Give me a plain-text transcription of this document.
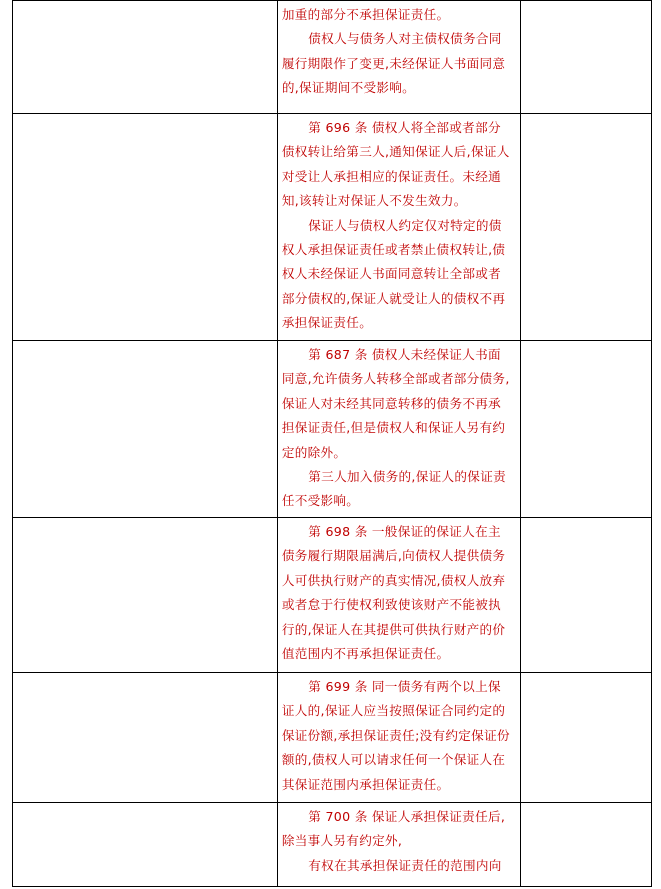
	加重的部分不承担保证责任。

债权人与债务人对主债权债务合同履行期限作了变更,未经保证人书面同意的,保证期间不受影响。	

	第 696 条 债权人将全部或者部分债权转让给第三人,通知保证人后,保证人对受让人承担相应的保证责任。未经通知,该转让对保证人不发生效力。

保证人与债权人约定仅对特定的债权人承担保证责任或者禁止债权转让,债权人未经保证人书面同意转让全部或者部分债权的,保证人就受让人的债权不再承担保证责任。	

	第 687 条 债权人未经保证人书面同意,允许债务人转移全部或者部分债务,保证人对未经其同意转移的债务不再承担保证责任,但是债权人和保证人另有约定的除外。

第三人加入债务的,保证人的保证责任不受影响。	

	第 698 条 一般保证的保证人在主债务履行期限届满后,向债权人提供债务人可供执行财产的真实情况,债权人放弃或者怠于行使权利致使该财产不能被执行的,保证人在其提供可供执行财产的价值范围内不再承担保证责任。	

	第 699 条 同一债务有两个以上保证人的,保证人应当按照保证合同约定的保证份额,承担保证责任;没有约定保证份额的,债权人可以请求任何一个保证人在其保证范围内承担保证责任。	

	第 700 条 保证人承担保证责任后,除当事人另有约定外,

有权在其承担保证责任的范围内向	
